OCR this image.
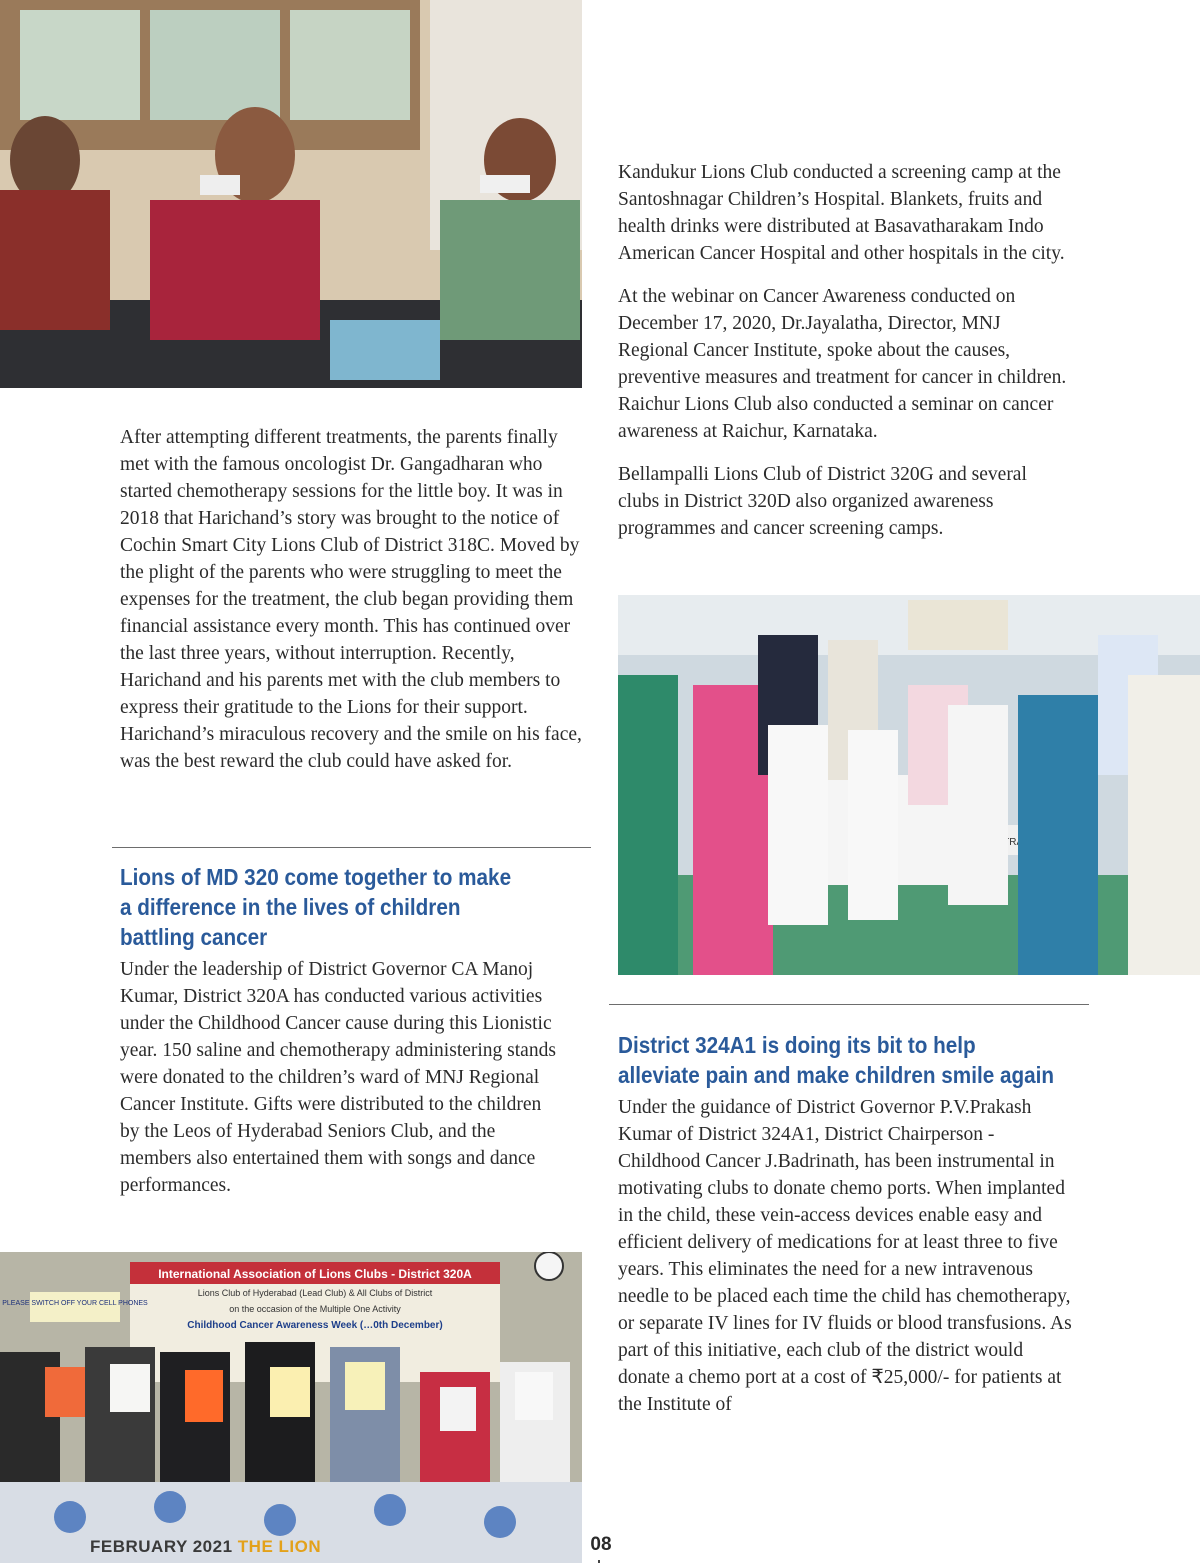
After attempting different treatments, the parents finally met with the famous oncologist Dr. Gangadharan who started chemotherapy sessions for the little boy. It was in 2018 that Harichand’s story was brought to the notice of Cochin Smart City Lions Club of District 318C. Moved by the plight of the parents who were struggling to meet the expenses for the treatment, the club began providing them financial assistance every month. This has continued over the last three years, without interruption. Recently, Harichand and his parents met with the club members to express their gratitude to the Lions for their support. Harichand’s miraculous recovery and the smile on his face, was the best reward the club could have asked for.

Lions of MD 320 come together to make a difference in the lives of children battling cancer

Under the leadership of District Governor CA Manoj Kumar, District 320A has conducted various activities under the Childhood Cancer cause during this Lionistic year. 150 saline and chemotherapy administering stands were donated to the children’s ward of MNJ Regional Cancer Institute. Gifts were distributed to the children by the Leos of Hyderabad Seniors Club, and the members also entertained them with songs and dance performances.

International Association of Lions Clubs - District 320A
Lions Club of Hyderabad (Lead Club) & All Clubs of District
on the occasion of the Multiple One Activity
Childhood Cancer Awareness Week (…0th December)
PLEASE SWITCH OFF YOUR CELL PHONES

Kandukur Lions Club conducted a screening camp at the Santoshnagar Children’s Hospital. Blankets, fruits and health drinks were distributed at Basavatharakam Indo American Cancer Hospital and other hospitals in the city.

At the webinar on Cancer Awareness conducted on December 17, 2020, Dr.Jayalatha, Director, MNJ Regional Cancer Institute, spoke about the causes, preventive measures and treatment for cancer in children. Raichur Lions Club also conducted a seminar on cancer awareness at Raichur, Karnataka.

Bellampalli Lions Club of District 320G and several clubs in District 320D also organized awareness programmes and cancer screening camps.

District 324A1 is doing its bit to help alleviate pain and make children smile again

Under the guidance of District Governor P.V.Prakash Kumar of District 324A1, District Chairperson - Childhood Cancer J.Badrinath, has been instrumental in motivating clubs to donate chemo ports. When implanted in the child, these vein-access devices enable easy and efficient delivery of medications for at least three to five years. This eliminates the need for a new intravenous needle to be placed each time the child has chemotherapy, or separate IV lines for IV fluids or blood transfusions. As part of this initiative, each club of the district would donate a chemo port at a cost of ₹25,000/- for patients at the Institute of

FEBRUARY 2021 THE LION	08
